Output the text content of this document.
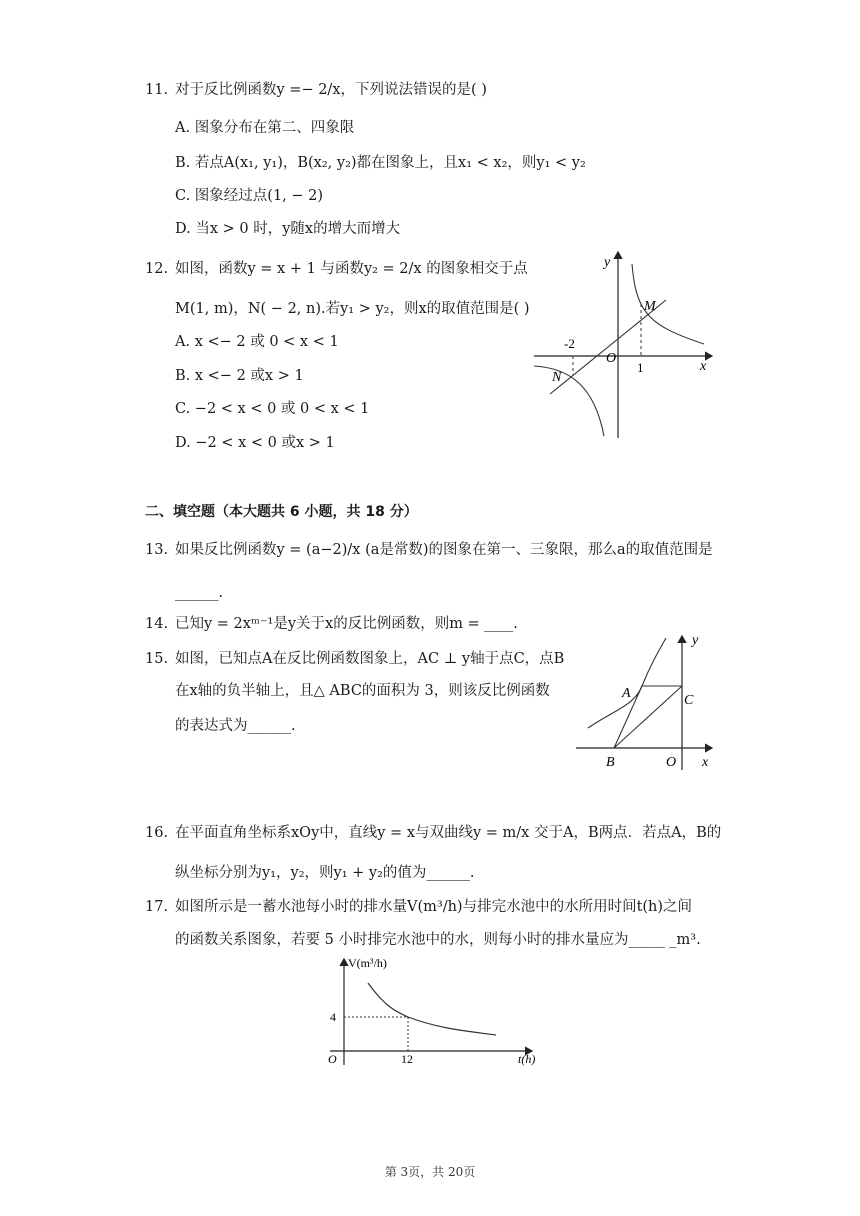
11. 对于反比例函数y =− 2/x，下列说法错误的是( )
A. 图象分布在第二、四象限
B. 若点A(x₁, y₁)，B(x₂, y₂)都在图象上，且x₁ < x₂，则y₁ < y₂
C. 图象经过点(1, − 2)
D. 当x > 0 时，y随x的增大而增大
12. 如图，函数y = x + 1 与函数y₂ = 2/x 的图象相交于点
M(1, m)，N( − 2, n).若y₁ > y₂，则x的取值范围是( )
A. x <− 2 或 0 < x < 1
B. x <− 2 或x > 1
C. −2 < x < 0 或 0 < x < 1
D. −2 < x < 0 或x > 1
y
x
O
M
N
-2
1
二、填空题（本大题共 6 小题，共 18 分）
13. 如果反比例函数y = (a−2)/x (a是常数)的图象在第一、三象限，那么a的取值范围是
______.
14. 已知y = 2xᵐ⁻¹是y关于x的反比例函数，则m = ____.
15. 如图，已知点A在反比例函数图象上，AC ⊥ y轴于点C，点B
在x轴的负半轴上，且△ ABC的面积为 3，则该反比例函数
的表达式为______.
y
x
A	C
B	O
16. 在平面直角坐标系xOy中，直线y = x与双曲线y = m/x 交于A，B两点．若点A，B的
纵坐标分别为y₁，y₂，则y₁ + y₂的值为______.
17. 如图所示是一蓄水池每小时的排水量V(m³/h)与排完水池中的水所用时间t(h)之间
的函数关系图象，若要 5 小时排完水池中的水，则每小时的排水量应为_____ _m³.
V(m³/h)
t(h)
O
4
12
第 3页，共 20页
